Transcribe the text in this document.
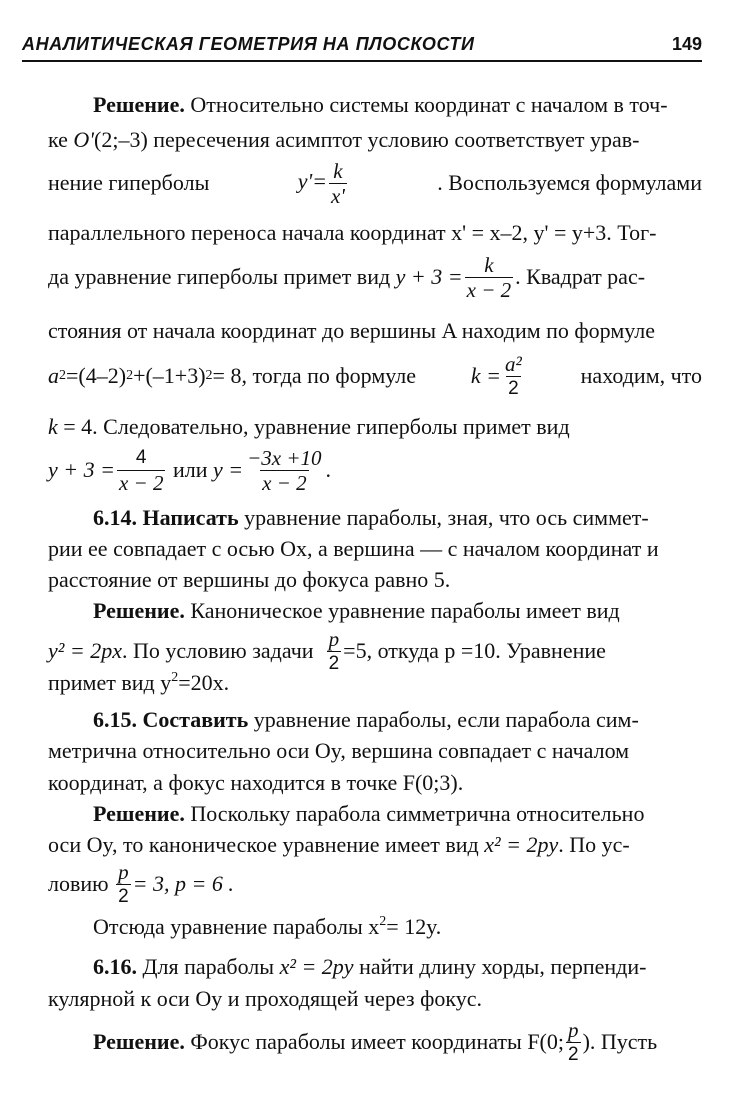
АНАЛИТИЧЕСКАЯ ГЕОМЕТРИЯ НА ПЛОСКОСТИ	149
Решение. Относительно системы координат с началом в точ-
ке O'(2;–3) пересечения асимптот условию соответствует урав-
нение гиперболы	$y'= \frac{k}{x'}$	. Воспользуемся формулами
параллельного переноса начала координат x' = x–2, y' = y+3. Тог-
да уравнение гиперболы примет вид
$y + 3 = \frac{k}{x - 2}$ . Квадрат рас-
стояния от начала координат до вершины A находим по формуле
a 2 =(4–2) 2 +(–1+3) 2 = 8, тогда по формуле $k = \frac{\text{a²}}{2}$	находим, что
k = 4. Следовательно, уравнение гиперболы примет вид
$y + 3 = \frac{4}{x - 2}$
или
$y = \frac{-3x +10}{x - 2}$ .
6.14. Написать уравнение параболы, зная, что ось симмет-
рии ее совпадает с осью Ox, а вершина — с началом координат и
расстояние от вершины до фокуса равно 5.
Решение. Каноническое уравнение параболы имеет вид
y² = 2px . По условию задачи
$\frac{p}{2} =5$, откуда p =10. Уравнение
примет вид $y^2=20x$.
6.15. Составить уравнение параболы, если парабола сим-
метрична относительно оси Oy, вершина совпадает с началом
координат, а фокус находится в точке F(0;3).
Решение. Поскольку парабола симметрична относительно
оси Oy, то каноническое уравнение имеет вид x² = 2py. По ус-
ловию
$\frac{p}{2} = 3$, p = 6 .
Отсюда уравнение параболы $x^2= 12y$.
6.16. Для параболы x² = 2py найти длину хорды, перпенди-
кулярной к оси Oy и проходящей через фокус.
Решение.
Фокус параболы имеет координаты F(0; $\frac{p}{2}$ ). Пусть
